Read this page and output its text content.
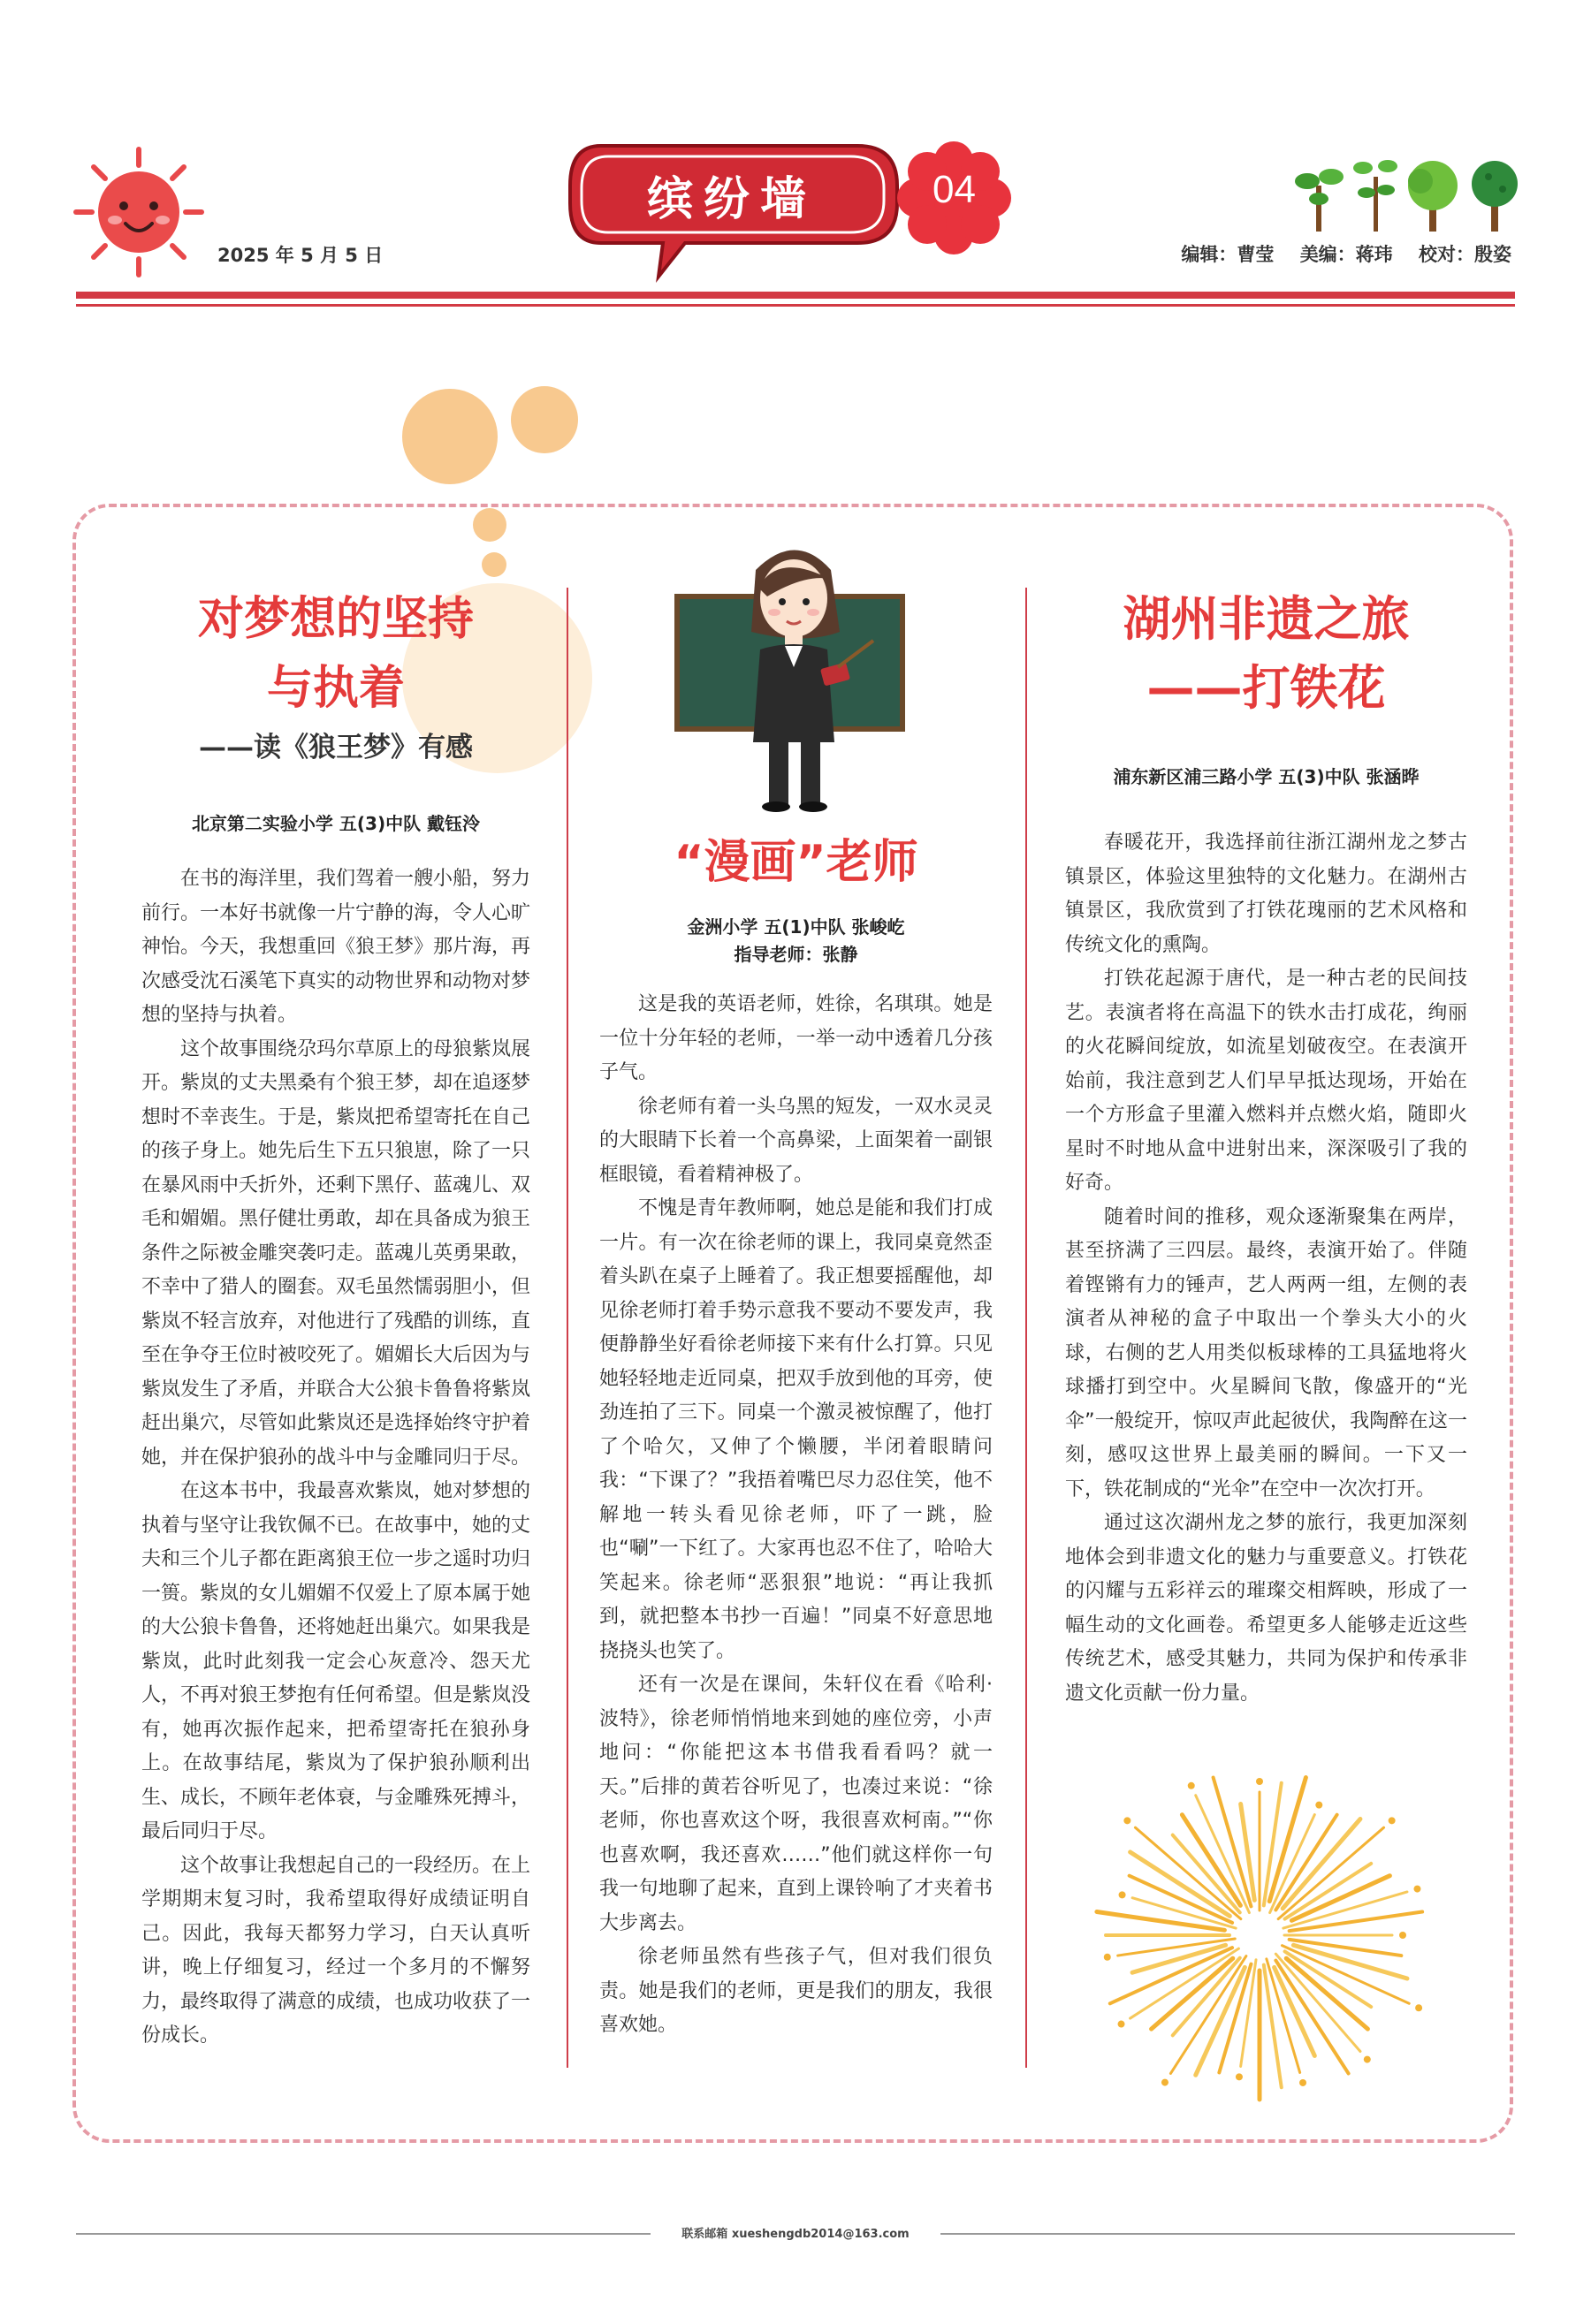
2025 年 5 月 5 日
缤纷墙	04
编辑：曹莹 美编：蒋玮 校对：殷姿
对梦想的坚持
与执着
——读《狼王梦》有感
北京第二实验小学 五(3)中队 戴钰泠

在书的海洋里，我们驾着一艘小船，努力前行。一本好书就像一片宁静的海，令人心旷神怡。今天，我想重回《狼王梦》那片海，再次感受沈石溪笔下真实的动物世界和动物对梦想的坚持与执着。

这个故事围绕尕玛尔草原上的母狼紫岚展开。紫岚的丈夫黑桑有个狼王梦，却在追逐梦想时不幸丧生。于是，紫岚把希望寄托在自己的孩子身上。她先后生下五只狼崽，除了一只在暴风雨中夭折外，还剩下黑仔、蓝魂儿、双毛和媚媚。黑仔健壮勇敢，却在具备成为狼王条件之际被金雕突袭叼走。蓝魂儿英勇果敢，不幸中了猎人的圈套。双毛虽然懦弱胆小，但紫岚不轻言放弃，对他进行了残酷的训练，直至在争夺王位时被咬死了。媚媚长大后因为与紫岚发生了矛盾，并联合大公狼卡鲁鲁将紫岚赶出巢穴，尽管如此紫岚还是选择始终守护着她，并在保护狼孙的战斗中与金雕同归于尽。

在这本书中，我最喜欢紫岚，她对梦想的执着与坚守让我钦佩不已。在故事中，她的丈夫和三个儿子都在距离狼王位一步之遥时功归一篑。紫岚的女儿媚媚不仅爱上了原本属于她的大公狼卡鲁鲁，还将她赶出巢穴。如果我是紫岚，此时此刻我一定会心灰意冷、怨天尤人，不再对狼王梦抱有任何希望。但是紫岚没有，她再次振作起来，把希望寄托在狼孙身上。在故事结尾，紫岚为了保护狼孙顺利出生、成长，不顾年老体衰，与金雕殊死搏斗，最后同归于尽。

这个故事让我想起自己的一段经历。在上学期期末复习时，我希望取得好成绩证明自己。因此，我每天都努力学习，白天认真听讲，晚上仔细复习，经过一个多月的不懈努力，最终取得了满意的成绩，也成功收获了一份成长。

“漫画”老师
金洲小学 五(1)中队 张峻屹
指导老师：张静

这是我的英语老师，姓徐，名琪琪。她是一位十分年轻的老师，一举一动中透着几分孩子气。

徐老师有着一头乌黑的短发，一双水灵灵的大眼睛下长着一个高鼻梁，上面架着一副银框眼镜，看着精神极了。

不愧是青年教师啊，她总是能和我们打成一片。有一次在徐老师的课上，我同桌竟然歪着头趴在桌子上睡着了。我正想要摇醒他，却见徐老师打着手势示意我不要动不要发声，我便静静坐好看徐老师接下来有什么打算。只见她轻轻地走近同桌，把双手放到他的耳旁，使劲连拍了三下。同桌一个激灵被惊醒了，他打了个哈欠，又伸了个懒腰，半闭着眼睛问我：“下课了？”我捂着嘴巴尽力忍住笑，他不解地一转头看见徐老师，吓了一跳，脸也“唰”一下红了。大家再也忍不住了，哈哈大笑起来。徐老师“恶狠狠”地说：“再让我抓到，就把整本书抄一百遍！”同桌不好意思地挠挠头也笑了。

还有一次是在课间，朱轩仪在看《哈利·波特》，徐老师悄悄地来到她的座位旁，小声地问：“你能把这本书借我看看吗？就一天。”后排的黄若谷听见了，也凑过来说：“徐老师，你也喜欢这个呀，我很喜欢柯南。”“你也喜欢啊，我还喜欢……”他们就这样你一句我一句地聊了起来，直到上课铃响了才夹着书大步离去。

徐老师虽然有些孩子气，但对我们很负责。她是我们的老师，更是我们的朋友，我很喜欢她。

湖州非遗之旅
——打铁花
浦东新区浦三路小学 五(3)中队 张涵晔

春暖花开，我选择前往浙江湖州龙之梦古镇景区，体验这里独特的文化魅力。在湖州古镇景区，我欣赏到了打铁花瑰丽的艺术风格和传统文化的熏陶。

打铁花起源于唐代，是一种古老的民间技艺。表演者将在高温下的铁水击打成花，绚丽的火花瞬间绽放，如流星划破夜空。在表演开始前，我注意到艺人们早早抵达现场，开始在一个方形盒子里灌入燃料并点燃火焰，随即火星时不时地从盒中进射出来，深深吸引了我的好奇。

随着时间的推移，观众逐渐聚集在两岸，甚至挤满了三四层。最终，表演开始了。伴随着铿锵有力的锤声，艺人两两一组，左侧的表演者从神秘的盒子中取出一个拳头大小的火球，右侧的艺人用类似板球棒的工具猛地将火球播打到空中。火星瞬间飞散，像盛开的“光伞”一般绽开，惊叹声此起彼伏，我陶醉在这一刻，感叹这世界上最美丽的瞬间。一下又一下，铁花制成的“光伞”在空中一次次打开。

通过这次湖州龙之梦的旅行，我更加深刻地体会到非遗文化的魅力与重要意义。打铁花的闪耀与五彩祥云的璀璨交相辉映，形成了一幅生动的文化画卷。希望更多人能够走近这些传统艺术，感受其魅力，共同为保护和传承非遗文化贡献一份力量。

联系邮箱 xueshengdb2014@163.com
